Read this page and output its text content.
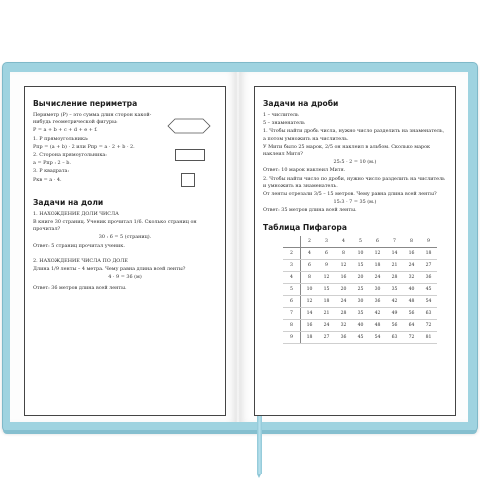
Вычисление периметра
Периметр (P) – это сумма длин сторон какой-нибудь геометрической фигуры:
P = a + b + c + d + e + f.
1. P прямоугольника:
Pпр = (a + b) · 2 или Pпр = a · 2 + b · 2.
2. Сторона прямоугольника:
a = Pпр : 2 – b.
3. P квадрата:
Pкв = a · 4.
Задачи на доли
1. НАХОЖДЕНИЕ ДОЛИ ЧИСЛА
В книге 30 страниц. Ученик прочитал 1/6. Сколько страниц он прочитал?
30 : 6 = 5 (страниц).
Ответ: 5 страниц прочитал ученик.
2. НАХОЖДЕНИЕ ЧИСЛА ПО ДОЛЕ
Длина 1/9 ленты – 4 метра. Чему равна длина всей ленты?
4 · 9 = 36 (м)
Ответ: 36 метров длина всей ленты.
Задачи на дроби
1 – числитель
5 – знаменатель
1. Чтобы найти дробь числа, нужно число разделить на знаменатель, а потом умножить на числитель.
У Мити было 25 марок, 2/5 он наклеил в альбом. Сколько марок наклеил Митя?
25:5 · 2 = 10 (м.)
Ответ: 10 марок наклеил Митя.
2. Чтобы найти число по дроби, нужно число разделить на числитель и умножить на знаменатель.
От ленты отрезали 3/5 – 15 метров. Чему равна длина всей ленты?
15:3 · 7 = 35 (м.)
Ответ: 35 метров длина всей ленты.
Таблица Пифагора
	2	3	4	5	6	7	8	9
2	4	6	8	10	12	14	16	18
3	6	9	12	15	18	21	24	27
4	8	12	16	20	24	28	32	36
5	10	15	20	25	30	35	40	45
6	12	18	24	30	36	42	48	54
7	14	21	28	35	42	49	56	63
8	16	24	32	40	48	56	64	72
9	18	27	36	45	54	63	72	81
